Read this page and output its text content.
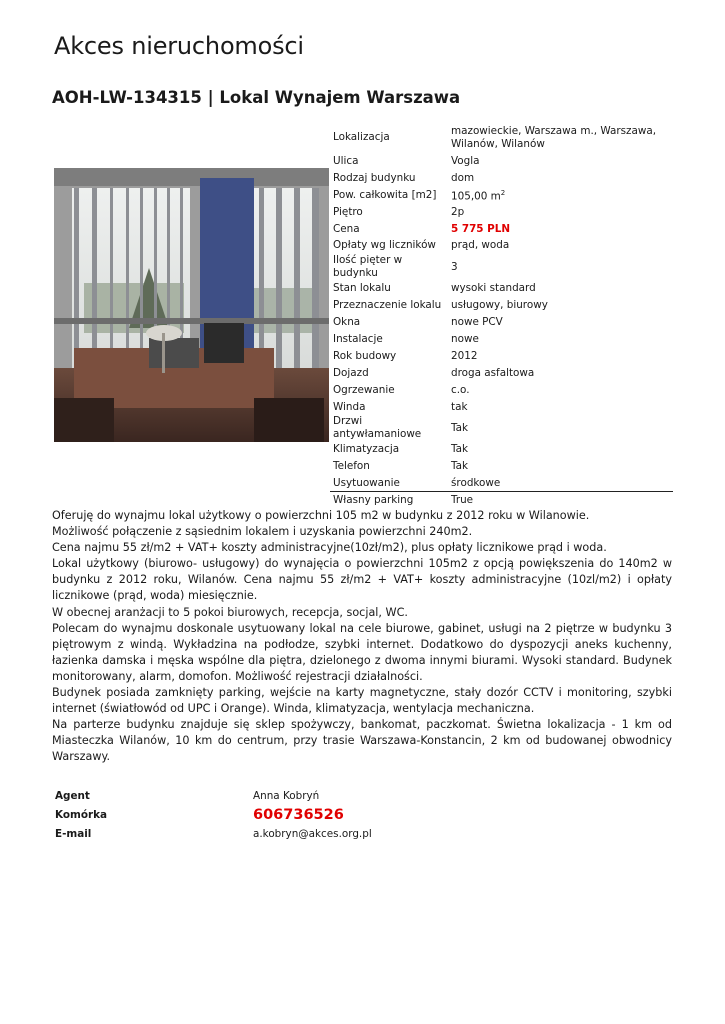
Akces nieruchomości
AOH-LW-134315 | Lokal Wynajem Warszawa
Lokalizacja	mazowieckie, Warszawa m., Warszawa, Wilanów, Wilanów
Ulica	Vogla
Rodzaj budynku	dom
Pow. całkowita [m2]	105,00 $m^2$
Piętro	2p
Cena	5 775 PLN
Opłaty wg liczników	prąd, woda
Ilość pięter w budynku	3
Stan lokalu	wysoki standard
Przeznaczenie lokalu	usługowy, biurowy
Okna	nowe PCV
Instalacje	nowe
Rok budowy	2012
Dojazd	droga asfaltowa
Ogrzewanie	c.o.
Winda	tak
Drzwi antywłamaniowe	Tak
Klimatyzacja	Tak
Telefon	Tak
Usytuowanie	środkowe
Własny parking	True

Oferuję do wynajmu lokal użytkowy o powierzchni 105 m2 w budynku z 2012 roku w Wilanowie.

Możliwość połączenie z sąsiednim lokalem i uzyskania powierzchni 240m2.

Cena najmu 55 zł/m2 + VAT+ koszty administracyjne(10zł/m2), plus opłaty licznikowe prąd i woda.

Lokal użytkowy (biurowo- usługowy) do wynajęcia o powierzchni 105m2 z opcją powiększenia do 140m2 w budynku z 2012 roku, Wilanów. Cena najmu 55 zł/m2 + VAT+ koszty administracyjne (10zl/m2) i opłaty licznikowe (prąd, woda) miesięcznie.

W obecnej aranżacji to 5 pokoi biurowych, recepcja, socjal, WC.

Polecam do wynajmu doskonale usytuowany lokal na cele biurowe, gabinet, usługi na 2 piętrze w budynku 3 piętrowym z windą. Wykładzina na podłodze, szybki internet. Dodatkowo do dyspozycji aneks kuchenny, łazienka damska i męska wspólne dla piętra, dzielonego z dwoma innymi biurami. Wysoki standard. Budynek monitorowany, alarm, domofon. Możliwość rejestracji działalności.

Budynek posiada zamknięty parking, wejście na karty magnetyczne, stały dozór CCTV i monitoring, szybki internet (światłowód od UPC i Orange). Winda, klimatyzacja, wentylacja mechaniczna.

Na parterze budynku znajduje się sklep spożywczy, bankomat, paczkomat. Świetna lokalizacja - 1 km od Miasteczka Wilanów, 10 km do centrum, przy trasie Warszawa-Konstancin, 2 km od budowanej obwodnicy Warszawy.

Agent	Anna Kobryń
Komórka	606736526
E-mail	a.kobryn@akces.org.pl
